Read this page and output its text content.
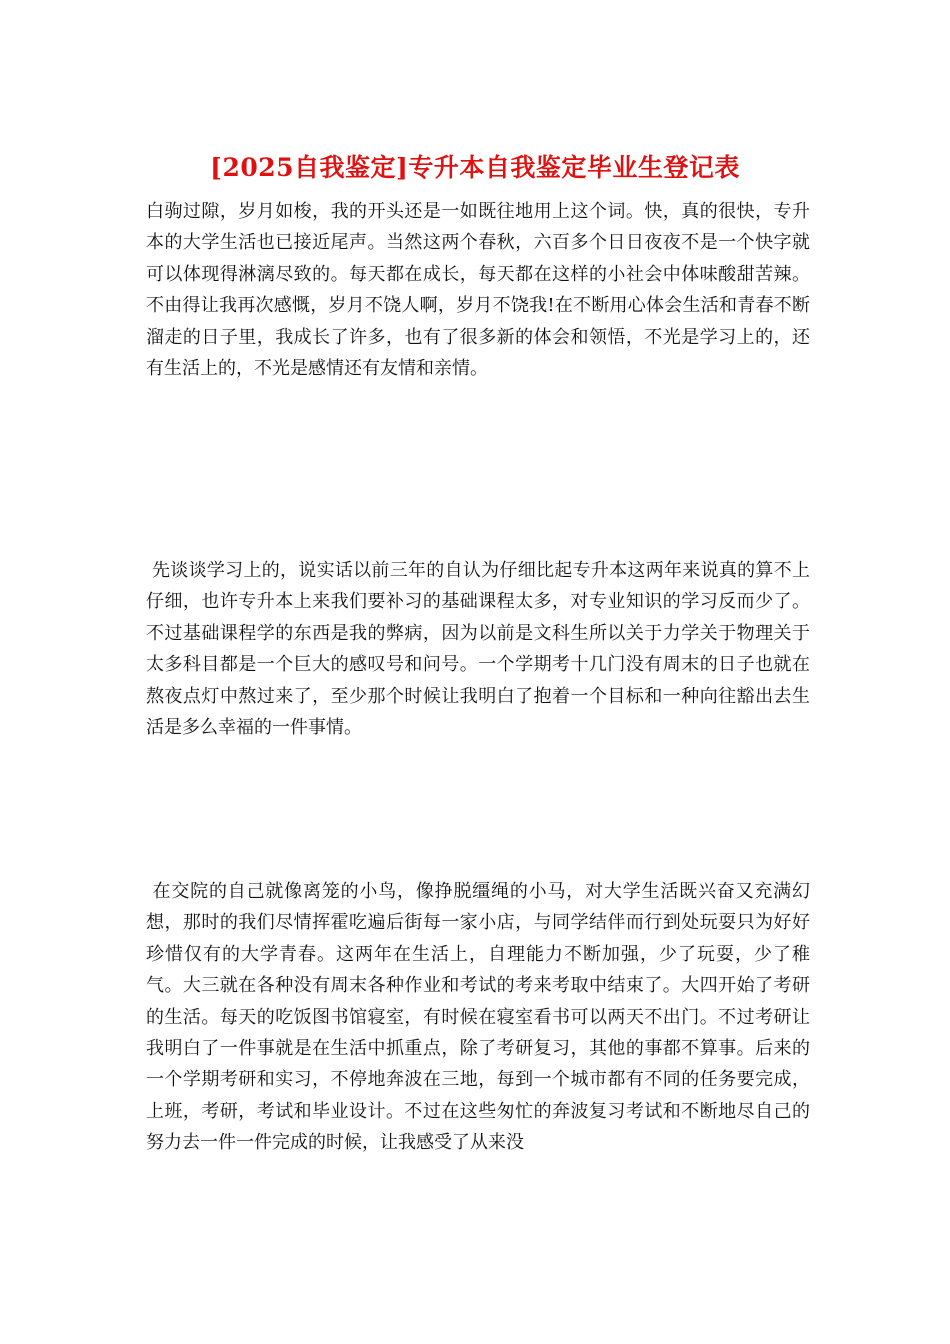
[2025自我鉴定]专升本自我鉴定毕业生登记表

白驹过隙，岁月如梭，我的开头还是一如既往地用上这个词。快，真的很快，专升本的大学生活也已接近尾声。当然这两个春秋，六百多个日日夜夜不是一个快字就可以体现得淋漓尽致的。每天都在成长，每天都在这样的小社会中体味酸甜苦辣。不由得让我再次感慨，岁月不饶人啊，岁月不饶我!在不断用心体会生活和青春不断溜走的日子里，我成长了许多，也有了很多新的体会和领悟，不光是学习上的，还有生活上的，不光是感情还有友情和亲情。

先谈谈学习上的，说实话以前三年的自认为仔细比起专升本这两年来说真的算不上仔细，也许专升本上来我们要补习的基础课程太多，对专业知识的学习反而少了。不过基础课程学的东西是我的弊病，因为以前是文科生所以关于力学关于物理关于太多科目都是一个巨大的感叹号和问号。一个学期考十几门没有周末的日子也就在熬夜点灯中熬过来了，至少那个时候让我明白了抱着一个目标和一种向往豁出去生活是多么幸福的一件事情。

在交院的自己就像离笼的小鸟，像挣脱缰绳的小马，对大学生活既兴奋又充满幻想，那时的我们尽情挥霍吃遍后街每一家小店，与同学结伴而行到处玩耍只为好好珍惜仅有的大学青春。这两年在生活上，自理能力不断加强，少了玩耍，少了稚气。大三就在各种没有周末各种作业和考试的考来考取中结束了。大四开始了考研的生活。每天的吃饭图书馆寝室，有时候在寝室看书可以两天不出门。不过考研让我明白了一件事就是在生活中抓重点，除了考研复习，其他的事都不算事。后来的一个学期考研和实习，不停地奔波在三地，每到一个城市都有不同的任务要完成，上班，考研，考试和毕业设计。不过在这些匆忙的奔波复习考试和不断地尽自己的努力去一件一件完成的时候，让我感受了从来没
